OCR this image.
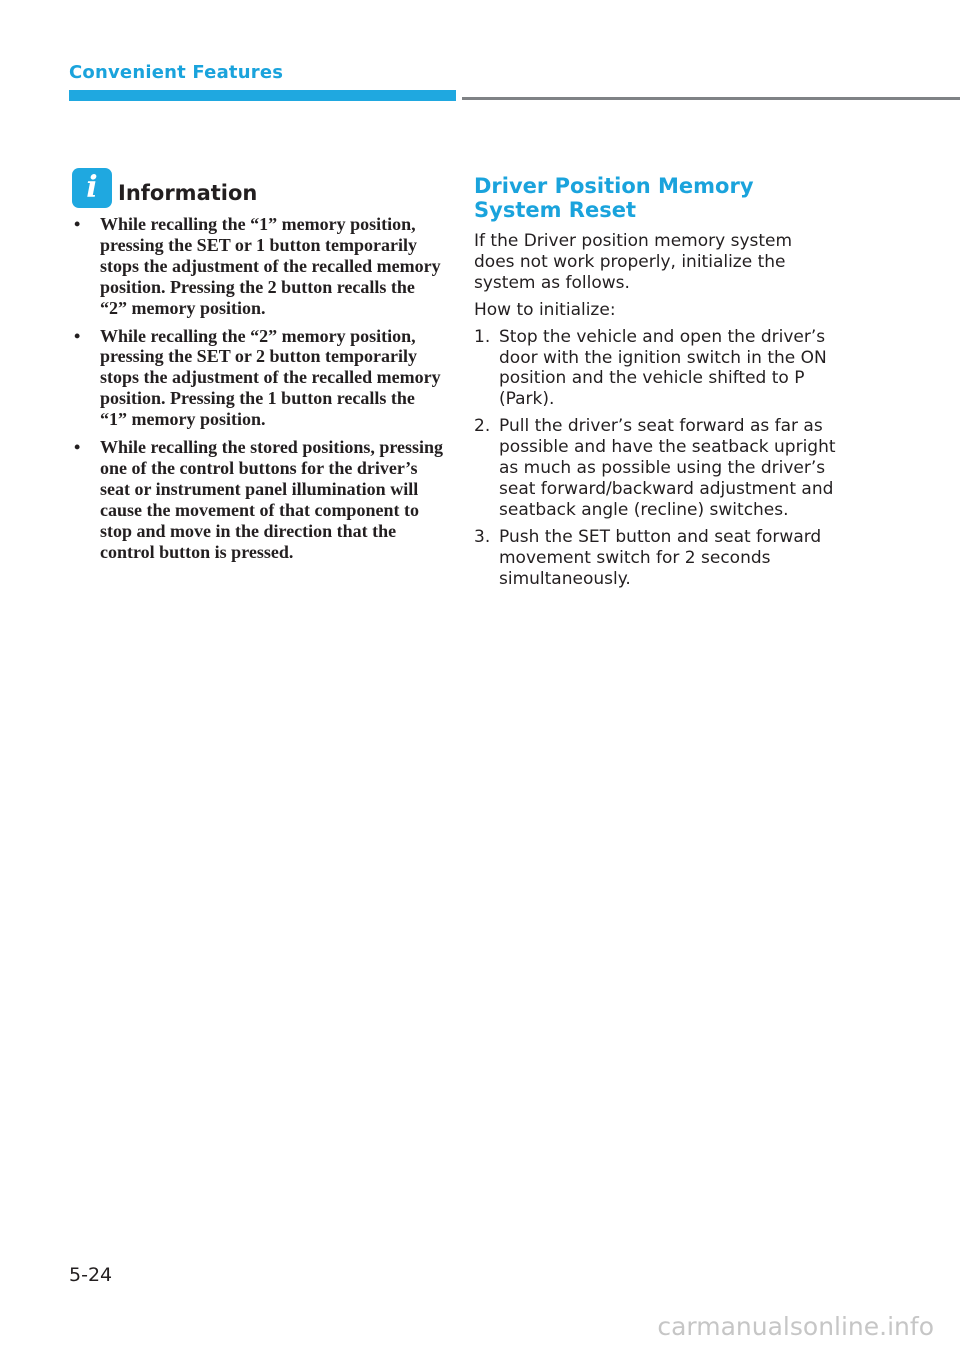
Convenient Features
i Information
• While recalling the “1” memory position, pressing the SET or 1 button temporarily stops the adjustment of the recalled memory position. Pressing the 2 button recalls the “2” memory position.
• While recalling the “2” memory position, pressing the SET or 2 button temporarily stops the adjustment of the recalled memory position. Pressing the 1 button recalls the “1” memory position.
• While recalling the stored positions, pressing one of the control buttons for the driver’s seat or instrument panel illumination will cause the movement of that component to stop and move in the direction that the control button is pressed.
Driver Position Memory System Reset

If the Driver position memory system does not work properly, initialize the system as follows.

How to initialize:

1. Stop the vehicle and open the driver’s door with the ignition switch in the ON position and the vehicle shifted to P (Park).
2. Pull the driver’s seat forward as far as possible and have the seatback upright as much as possible using the driver’s seat forward/backward adjustment and seatback angle (recline) switches.
3. Push the SET button and seat forward movement switch for 2 seconds simultaneously.
5-24
carmanualsonline.info
